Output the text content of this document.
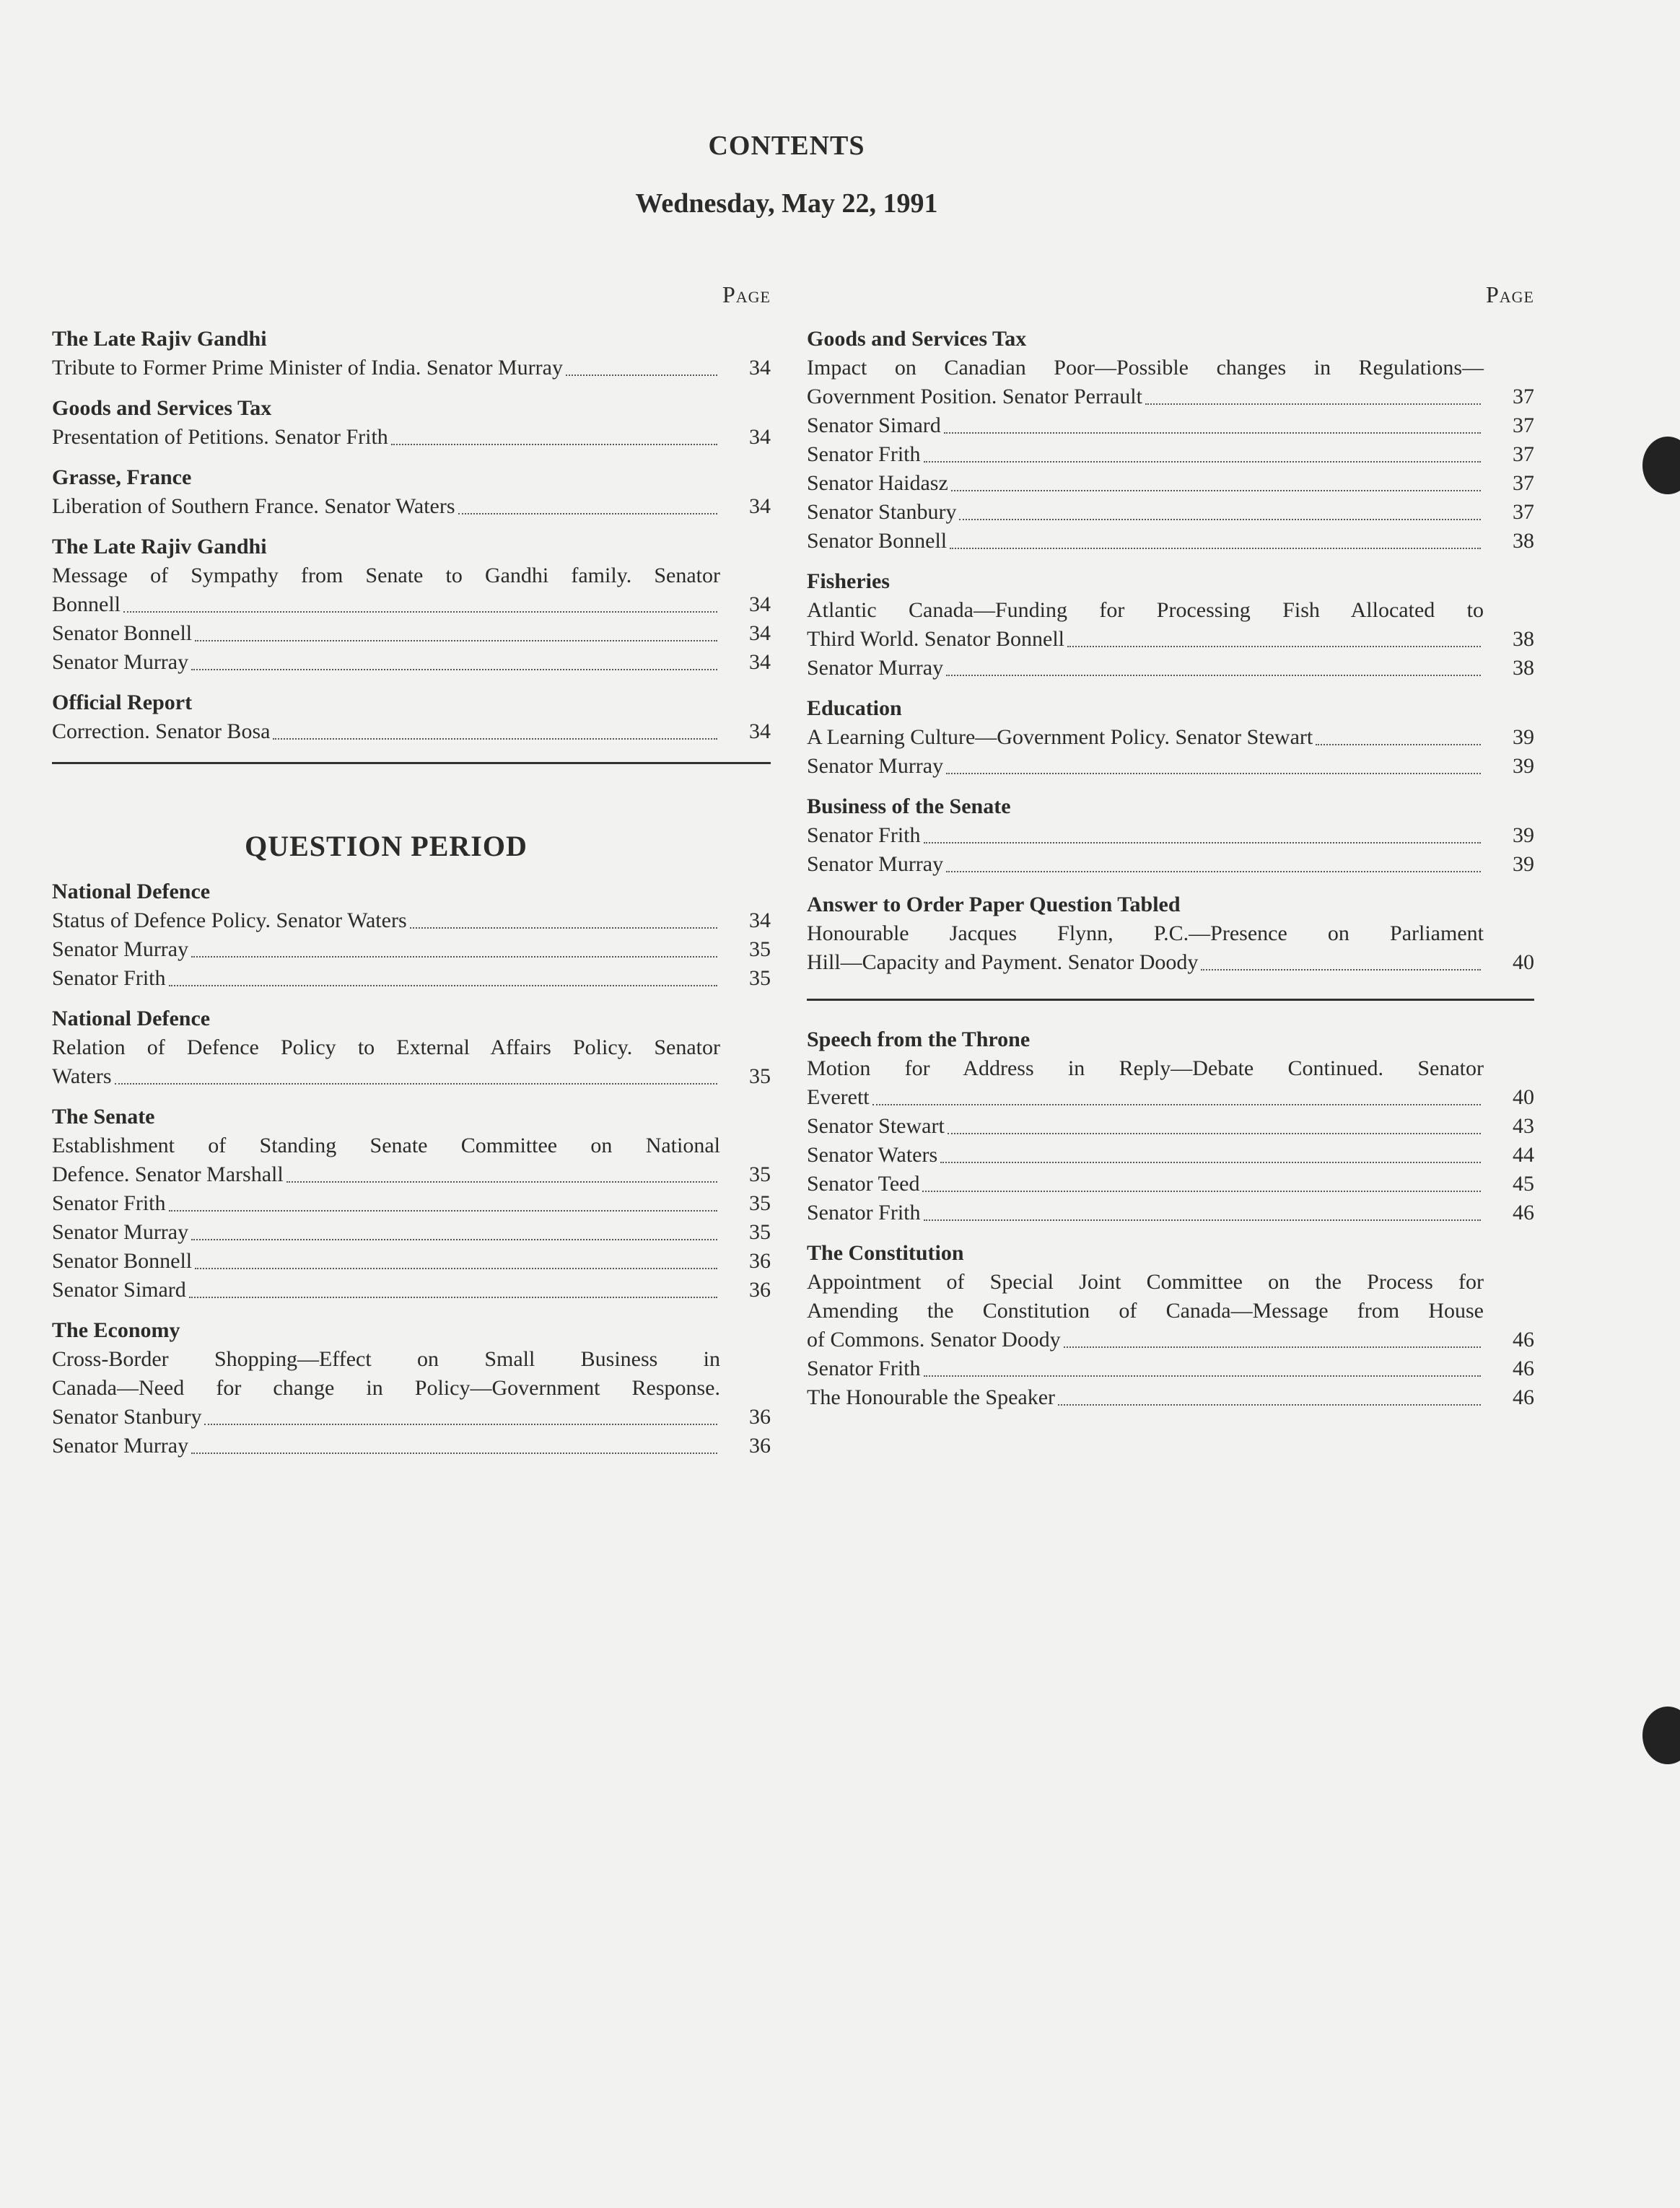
CONTENTS
Wednesday, May 22, 1991
Page
The Late Rajiv Gandhi
Tribute to Former Prime Minister of India. Senator Murray	34
Goods and Services Tax
Presentation of Petitions. Senator Frith	34
Grasse, France
Liberation of Southern France. Senator Waters	34
The Late Rajiv Gandhi
Message of Sympathy from Senate to Gandhi family. Senator
Bonnell	34
Senator Bonnell	34
Senator Murray	34
Official Report
Correction. Senator Bosa	34
QUESTION PERIOD
National Defence
Status of Defence Policy. Senator Waters	34
Senator Murray	35
Senator Frith	35
National Defence
Relation of Defence Policy to External Affairs Policy. Senator
Waters	35
The Senate
Establishment of Standing Senate Committee on National
Defence. Senator Marshall	35
Senator Frith	35
Senator Murray	35
Senator Bonnell	36
Senator Simard	36
The Economy
Cross-Border Shopping—Effect on Small Business in
Canada—Need for change in Policy—Government Response.
Senator Stanbury	36
Senator Murray	36
Page
Goods and Services Tax
Impact on Canadian Poor—Possible changes in Regulations—
Government Position. Senator Perrault	37
Senator Simard	37
Senator Frith	37
Senator Haidasz	37
Senator Stanbury	37
Senator Bonnell	38
Fisheries
Atlantic Canada—Funding for Processing Fish Allocated to
Third World. Senator Bonnell	38
Senator Murray	38
Education
A Learning Culture—Government Policy. Senator Stewart	39
Senator Murray	39
Business of the Senate
Senator Frith	39
Senator Murray	39
Answer to Order Paper Question Tabled
Honourable Jacques Flynn, P.C.—Presence on Parliament
Hill—Capacity and Payment. Senator Doody	40
Speech from the Throne
Motion for Address in Reply—Debate Continued. Senator
Everett	40
Senator Stewart	43
Senator Waters	44
Senator Teed	45
Senator Frith	46
The Constitution
Appointment of Special Joint Committee on the Process for
Amending the Constitution of Canada—Message from House
of Commons. Senator Doody	46
Senator Frith	46
The Honourable the Speaker	46
